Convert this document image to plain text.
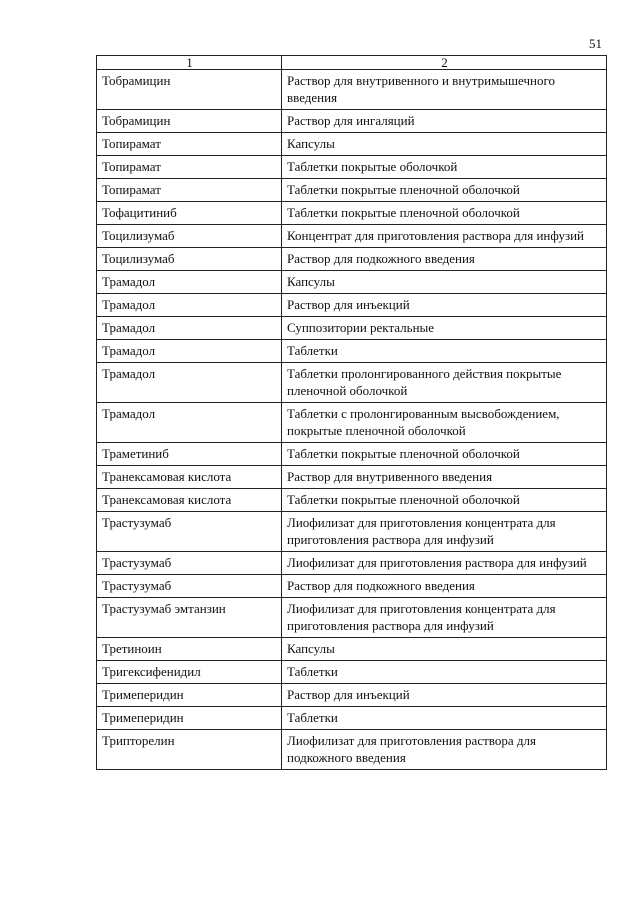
51
1	2
Тобрамицин	Раствор для внутривенного и внутримышечного введения
Тобрамицин	Раствор для ингаляций
Топирамат	Капсулы
Топирамат	Таблетки покрытые оболочкой
Топирамат	Таблетки покрытые пленочной оболочкой
Тофацитиниб	Таблетки покрытые пленочной оболочкой
Тоцилизумаб	Концентрат для приготовления раствора для инфузий
Тоцилизумаб	Раствор для подкожного введения
Трамадол	Капсулы
Трамадол	Раствор для инъекций
Трамадол	Суппозитории ректальные
Трамадол	Таблетки
Трамадол	Таблетки пролонгированного действия покрытые пленочной оболочкой
Трамадол	Таблетки с пролонгированным высвобождением, покрытые пленочной оболочкой
Траметиниб	Таблетки покрытые пленочной оболочкой
Транексамовая кислота	Раствор для внутривенного введения
Транексамовая кислота	Таблетки покрытые пленочной оболочкой
Трастузумаб	Лиофилизат для приготовления концентрата для приготовления раствора для инфузий
Трастузумаб	Лиофилизат для приготовления раствора для инфузий
Трастузумаб	Раствор для подкожного введения
Трастузумаб эмтанзин	Лиофилизат для приготовления концентрата для приготовления раствора для инфузий
Третиноин	Капсулы
Тригексифенидил	Таблетки
Тримеперидин	Раствор для инъекций
Тримеперидин	Таблетки
Трипторелин	Лиофилизат для приготовления раствора для подкожного введения
